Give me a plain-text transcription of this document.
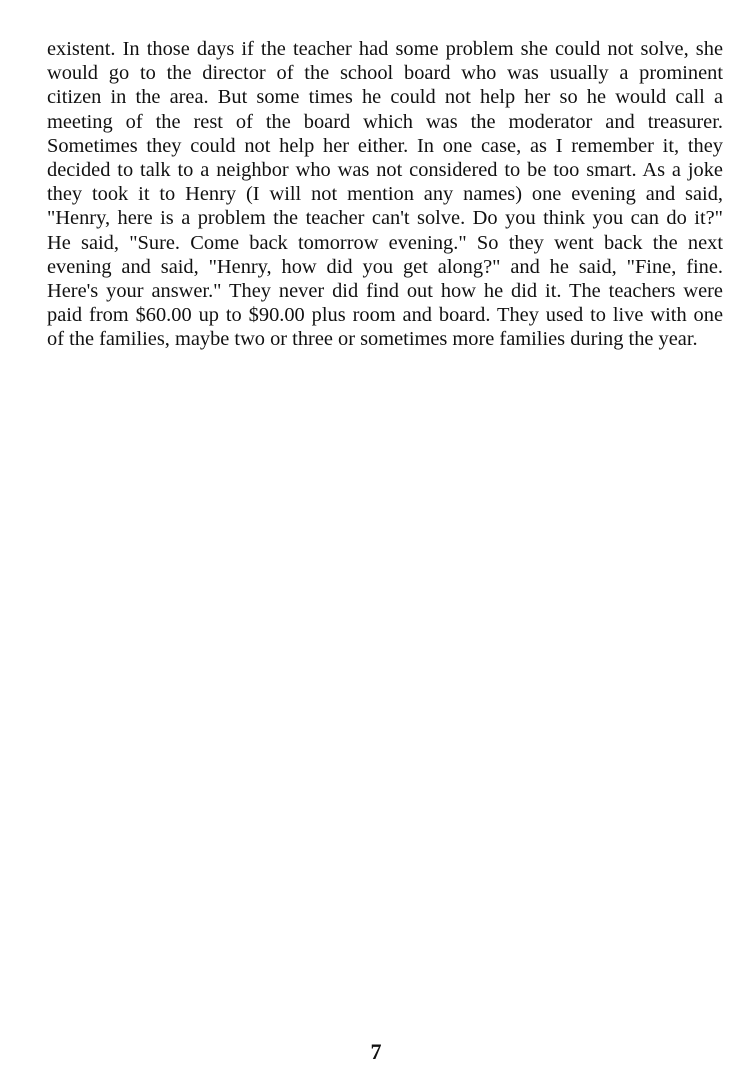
existent. In those days if the teacher had some problem she could not solve, she
would go to the director of the school board who was usually a prominent
citizen in the area. But some times he could not help her so he would call a
meeting of the rest of the board which was the moderator and treasurer.
Sometimes they could not help her either. In one case, as I remember it, they
decided to talk to a neighbor who was not considered to be too smart. As a joke
they took it to Henry (I will not mention any names) one evening and said,
"Henry, here is a problem the teacher can't solve. Do you think you can do it?"
He said, "Sure. Come back tomorrow evening." So they went back the next
evening and said, "Henry, how did you get along?" and he said, "Fine, fine.
Here's your answer." They never did find out how he did it. The teachers were
paid from $60.00 up to $90.00 plus room and board. They used to live with one
of the families, maybe two or three or sometimes more families during the year.
7
